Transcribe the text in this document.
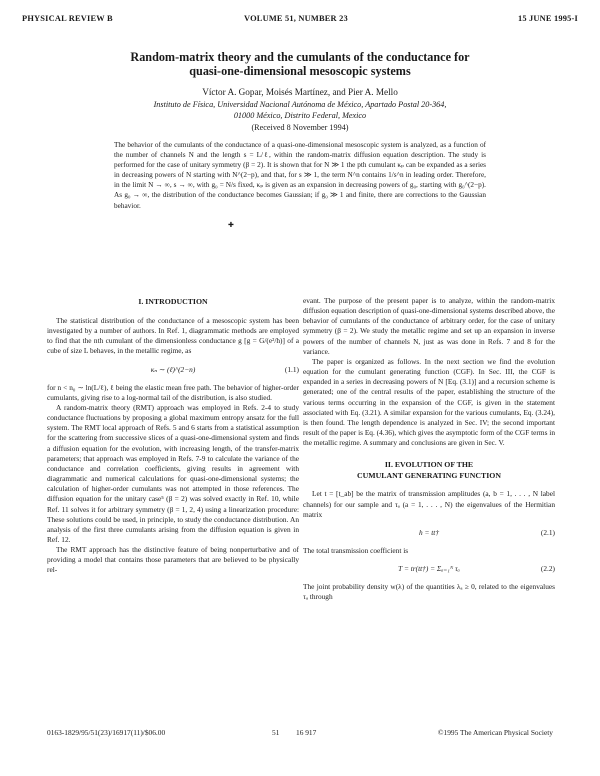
PHYSICAL REVIEW B	VOLUME 51, NUMBER 23	15 JUNE 1995-I
Random-matrix theory and the cumulants of the conductance for
quasi-one-dimensional mesoscopic systems
Víctor A. Gopar, Moisés Martínez, and Pier A. Mello
Instituto de Física, Universidad Nacional Autónoma de México, Apartado Postal 20-364,
01000 México, Distrito Federal, Mexico
(Received 8 November 1994)

The behavior of the cumulants of the conductance of a quasi-one-dimensional mesoscopic system is analyzed, as a function of the number of channels N and the length s = L/ℓ, within the random-matrix diffusion equation description. The study is performed for the case of unitary symmetry (β = 2). It is shown that for N ≫ 1 the pth cumulant κₚ can be expanded as a series in decreasing powers of N starting with N^(2−p), and that, for s ≫ 1, the term N^n contains 1/s^n in leading order. Therefore, in the limit N → ∞, s → ∞, with g₀ = N/s fixed, κₚ is given as an expansion in decreasing powers of g₀, starting with g₀^(2−p). As g₀ → ∞, the distribution of the conductance becomes Gaussian; if g₀ ≫ 1 and finite, there are corrections to the Gaussian behavior.

✚
I. INTRODUCTION

The statistical distribution of the conductance of a mesoscopic system has been investigated by a number of authors. In Ref. 1, diagrammatic methods are employed to find that the nth cumulant of the dimensionless conductance g [g = G/(e²/h)] of a cube of size L behaves, in the metallic regime, as

κₙ ∼ (ℓ)^(2−n)	(1.1)

for n < n₀ ∼ ln(L/ℓ), ℓ being the elastic mean free path. The behavior of higher-order cumulants, giving rise to a log-normal tail of the distribution, is also studied.

A random-matrix theory (RMT) approach was employed in Refs. 2-4 to study conductance fluctuations by proposing a global maximum entropy ansatz for the full system. The RMT local approach of Refs. 5 and 6 starts from a statistical assumption for the scattering from successive slices of a quasi-one-dimensional system and finds a diffusion equation for the evolution, with increasing length, of the transfer-matrix parameters; that approach was employed in Refs. 7-9 to calculate the variance of the conductance and correlation coefficients, giving results in agreement with diagrammatic and numerical calculations for quasi-one-dimensional systems; the calculation of higher-order cumulants was not attempted in those references. The diffusion equation for the unitary case⁵ (β = 2) was solved exactly in Ref. 10, while Ref. 11 solves it for arbitrary symmetry (β = 1, 2, 4) using a linearization procedure: These solutions could be used, in principle, to study the conductance distribution. An analysis of the first three cumulants arising from the diffusion equation is given in Ref. 12.

The RMT approach has the distinctive feature of being nonperturbative and of providing a model that contains those parameters that are believed to be physically rel-

evant. The purpose of the present paper is to analyze, within the random-matrix diffusion equation description of quasi-one-dimensional systems described above, the behavior of cumulants of the conductance of arbitrary order, for the case of unitary symmetry (β = 2). We study the metallic regime and set up an expansion in inverse powers of the number of channels N, just as was done in Refs. 7 and 8 for the variance.

The paper is organized as follows. In the next section we find the evolution equation for the cumulant generating function (CGF). In Sec. III, the CGF is expanded in a series in decreasing powers of N [Eq. (3.1)] and a recursion scheme is generated; one of the central results of the paper, establishing the structure of the various terms occurring in the expansion of the CGF, is given in the statement associated with Eq. (3.21). A similar expansion for the various cumulants, Eq. (3.24), is then found. The length dependence is analyzed in Sec. IV; the second important result of the paper is Eq. (4.36), which gives the asymptotic form of the CGF terms in the metallic regime. A summary and conclusions are given in Sec. V.

II. EVOLUTION OF THE
CUMULANT GENERATING FUNCTION

Let t = [t_ab] be the matrix of transmission amplitudes (a, b = 1, . . . , N label channels) for our sample and τₐ (a = 1, . . . , N) the eigenvalues of the Hermitian matrix

h = tt†	(2.1)

The total transmission coefficient is

T = tr(tt†) = Σₐ₌₁ᴺ τₐ	(2.2)

The joint probability density w(λ) of the quantities λₐ ≥ 0, related to the eigenvalues τₐ through

0163-1829/95/51(23)/16917(11)/$06.00	51 16 917	©1995 The American Physical Society
